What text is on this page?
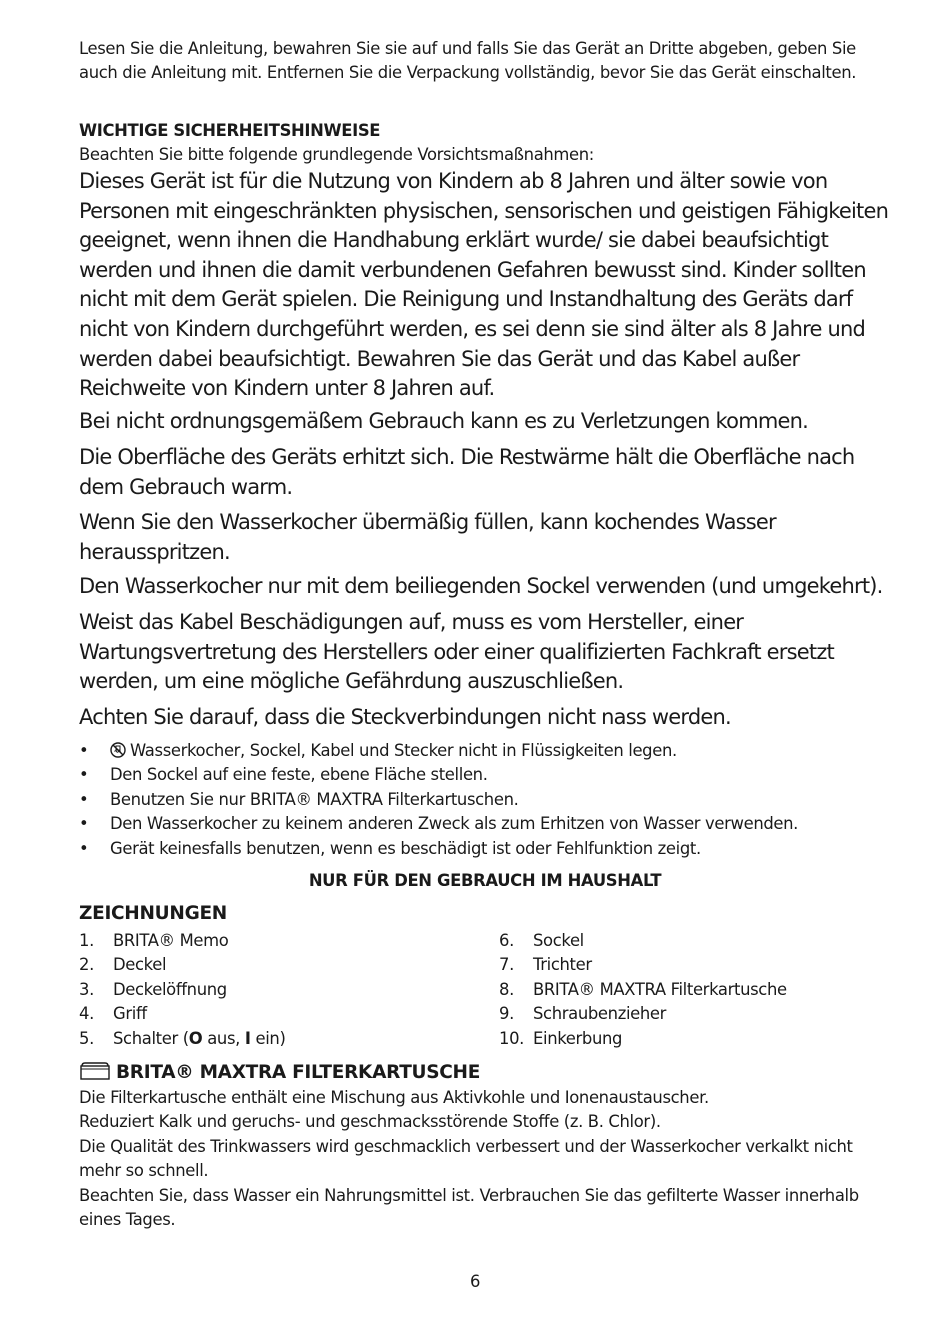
Lesen Sie die Anleitung, bewahren Sie sie auf und falls Sie das Gerät an Dritte abgeben, geben Sie auch die Anleitung mit. Entfernen Sie die Verpackung vollständig, bevor Sie das Gerät einschalten.

WICHTIGE SICHERHEITSHINWEISE

Beachten Sie bitte folgende grundlegende Vorsichtsmaßnahmen:

Dieses Gerät ist für die Nutzung von Kindern ab 8 Jahren und älter sowie von Personen mit eingeschränkten physischen, sensorischen und geistigen Fähigkeiten geeignet, wenn ihnen die Handhabung erklärt wurde/ sie dabei beaufsichtigt werden und ihnen die damit verbundenen Gefahren bewusst sind. Kinder sollten nicht mit dem Gerät spielen. Die Reinigung und Instandhaltung des Geräts darf nicht von Kindern durchgeführt werden, es sei denn sie sind älter als 8 Jahre und werden dabei beaufsichtigt. Bewahren Sie das Gerät und das Kabel außer Reichweite von Kindern unter 8 Jahren auf.

Bei nicht ordnungsgemäßem Gebrauch kann es zu Verletzungen kommen.

Die Oberfläche des Geräts erhitzt sich. Die Restwärme hält die Oberfläche nach dem Gebrauch warm.

Wenn Sie den Wasserkocher übermäßig füllen, kann kochendes Wasser herausspritzen.

Den Wasserkocher nur mit dem beiliegenden Sockel verwenden (und umgekehrt).

Weist das Kabel Beschädigungen auf, muss es vom Hersteller, einer Wartungsvertretung des Herstellers oder einer qualifizierten Fachkraft ersetzt werden, um eine mögliche Gefährdung auszuschließen.

Achten Sie darauf, dass die Steckverbindungen nicht nass werden.

•	Wasserkocher, Sockel, Kabel und Stecker nicht in Flüssigkeiten legen.
• Den Sockel auf eine feste, ebene Fläche stellen.
• Benutzen Sie nur BRITA® MAXTRA Filterkartuschen.
• Den Wasserkocher zu keinem anderen Zweck als zum Erhitzen von Wasser verwenden.
• Gerät keinesfalls benutzen, wenn es beschädigt ist oder Fehlfunktion zeigt.

NUR FÜR DEN GEBRAUCH IM HAUSHALT

ZEICHNUNGEN

1.	BRITA® Memo
2.	Deckel
3.	Deckelöffnung
4.	Griff
5.	Schalter (O aus, I ein)
6.	Sockel
7.	Trichter
8.	BRITA® MAXTRA Filterkartusche
9.	Schraubenzieher
10. Einkerbung

BRITA® MAXTRA FILTERKARTUSCHE

Die Filterkartusche enthält eine Mischung aus Aktivkohle und Ionenaustauscher.

Reduziert Kalk und geruchs- und geschmacksstörende Stoffe (z. B. Chlor).

Die Qualität des Trinkwassers wird geschmacklich verbessert und der Wasserkocher verkalkt nicht mehr so schnell.

Beachten Sie, dass Wasser ein Nahrungsmittel ist. Verbrauchen Sie das gefilterte Wasser innerhalb eines Tages.

6
